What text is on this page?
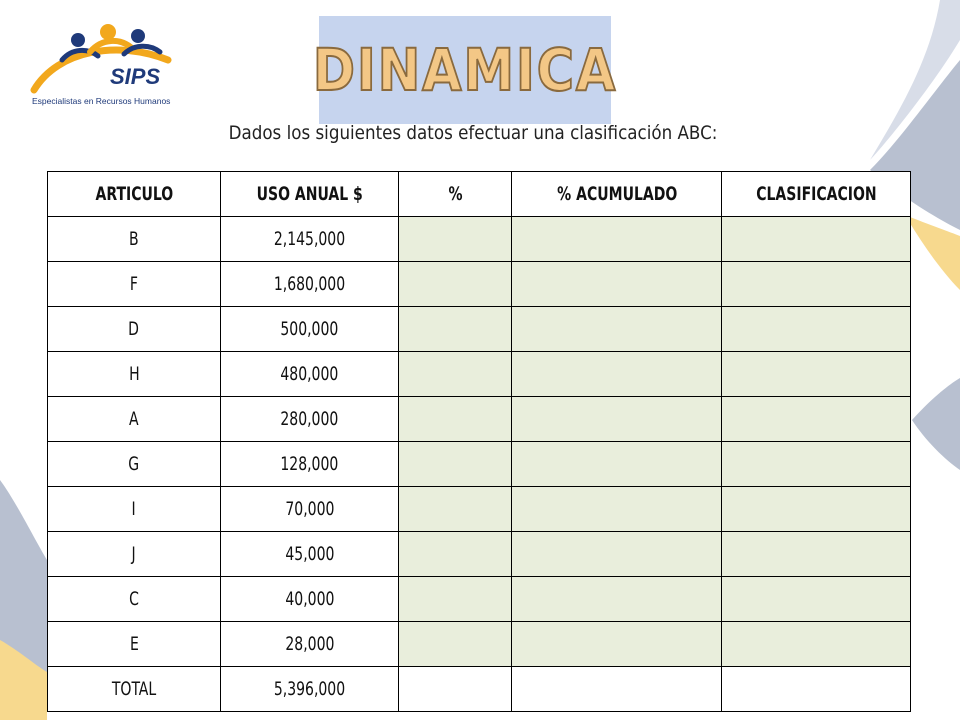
SIPS
Especialistas en Recursos Humanos	DINAMICA
Dados los siguientes datos efectuar una clasificación ABC:
ARTICULO	USO ANUAL $	%	% ACUMULADO	CLASIFICACION
B	2,145,000			
F	1,680,000			
D	500,000			
H	480,000			
A	280,000			
G	128,000			
I	70,000			
J	45,000			
C	40,000			
E	28,000			
TOTAL	5,396,000			
